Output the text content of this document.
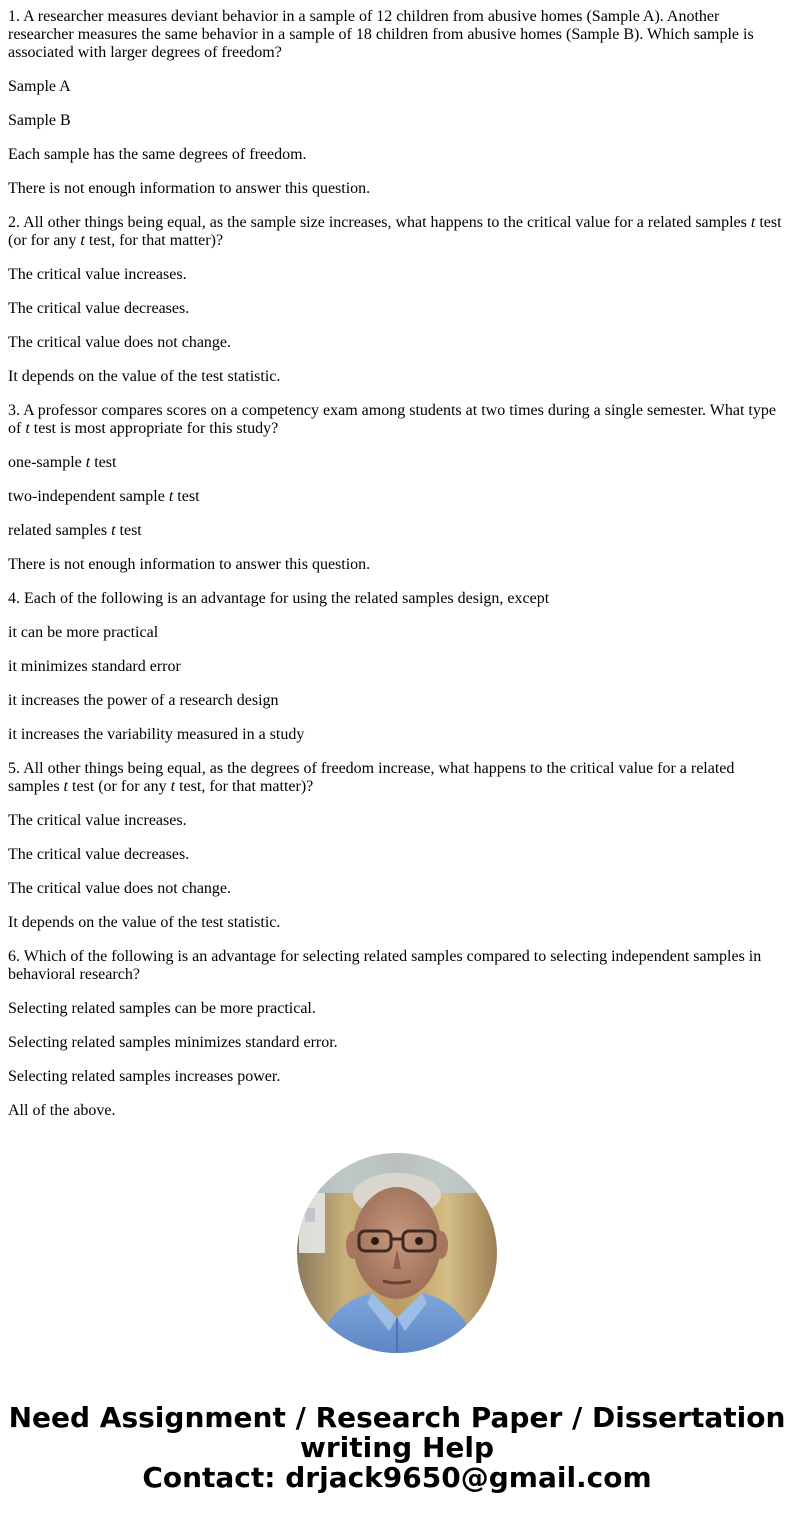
1. A researcher measures deviant behavior in a sample of 12 children from abusive homes (Sample A). Another researcher measures the same behavior in a sample of 18 children from abusive homes (Sample B). Which sample is associated with larger degrees of freedom?

Sample A

Sample B

Each sample has the same degrees of freedom.

There is not enough information to answer this question.

2. All other things being equal, as the sample size increases, what happens to the critical value for a related samples t test (or for any t test, for that matter)?

The critical value increases.

The critical value decreases.

The critical value does not change.

It depends on the value of the test statistic.

3. A professor compares scores on a competency exam among students at two times during a single semester. What type of t test is most appropriate for this study?

one-sample t test

two-independent sample t test

related samples t test

There is not enough information to answer this question.

4. Each of the following is an advantage for using the related samples design, except

it can be more practical

it minimizes standard error

it increases the power of a research design

it increases the variability measured in a study

5. All other things being equal, as the degrees of freedom increase, what happens to the critical value for a related samples t test (or for any t test, for that matter)?

The critical value increases.

The critical value decreases.

The critical value does not change.

It depends on the value of the test statistic.

6. Which of the following is an advantage for selecting related samples compared to selecting independent samples in behavioral research?

Selecting related samples can be more practical.

Selecting related samples minimizes standard error.

Selecting related samples increases power.

All of the above.

Need Assignment / Research Paper / Dissertation
writing Help
Contact: drjack9650@gmail.com
